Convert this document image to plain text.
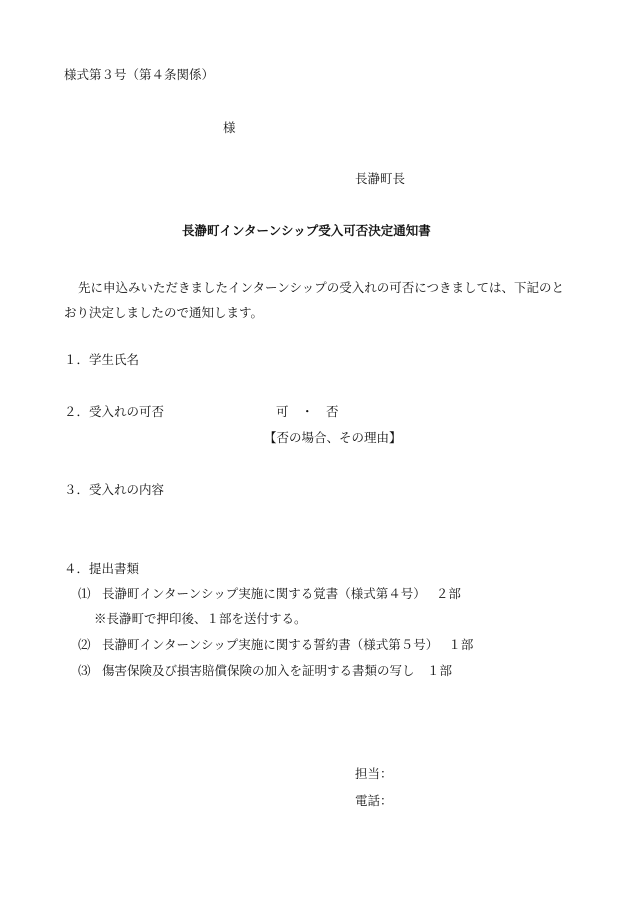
様式第３号（第４条関係）
様
長瀞町長
長瀞町インターンシップ受入可否決定通知書
先に申込みいただきましたインターンシップの受入れの可否につきましては、下記のとおり決定しましたので通知します。
１．学生氏名
２．受入れの可否	可　・　否
【否の場合、その理由】
３．受入れの内容
４．提出書類
⑴ 長瀞町インターンシップ実施に関する覚書（様式第４号）　 ２部
※長瀞町で押印後、１部を送付する。
⑵ 長瀞町インターンシップ実施に関する誓約書（様式第５号）　 １部
⑶ 傷害保険及び損害賠償保険の加入を証明する書類の写し　１部
担当：
電話：
